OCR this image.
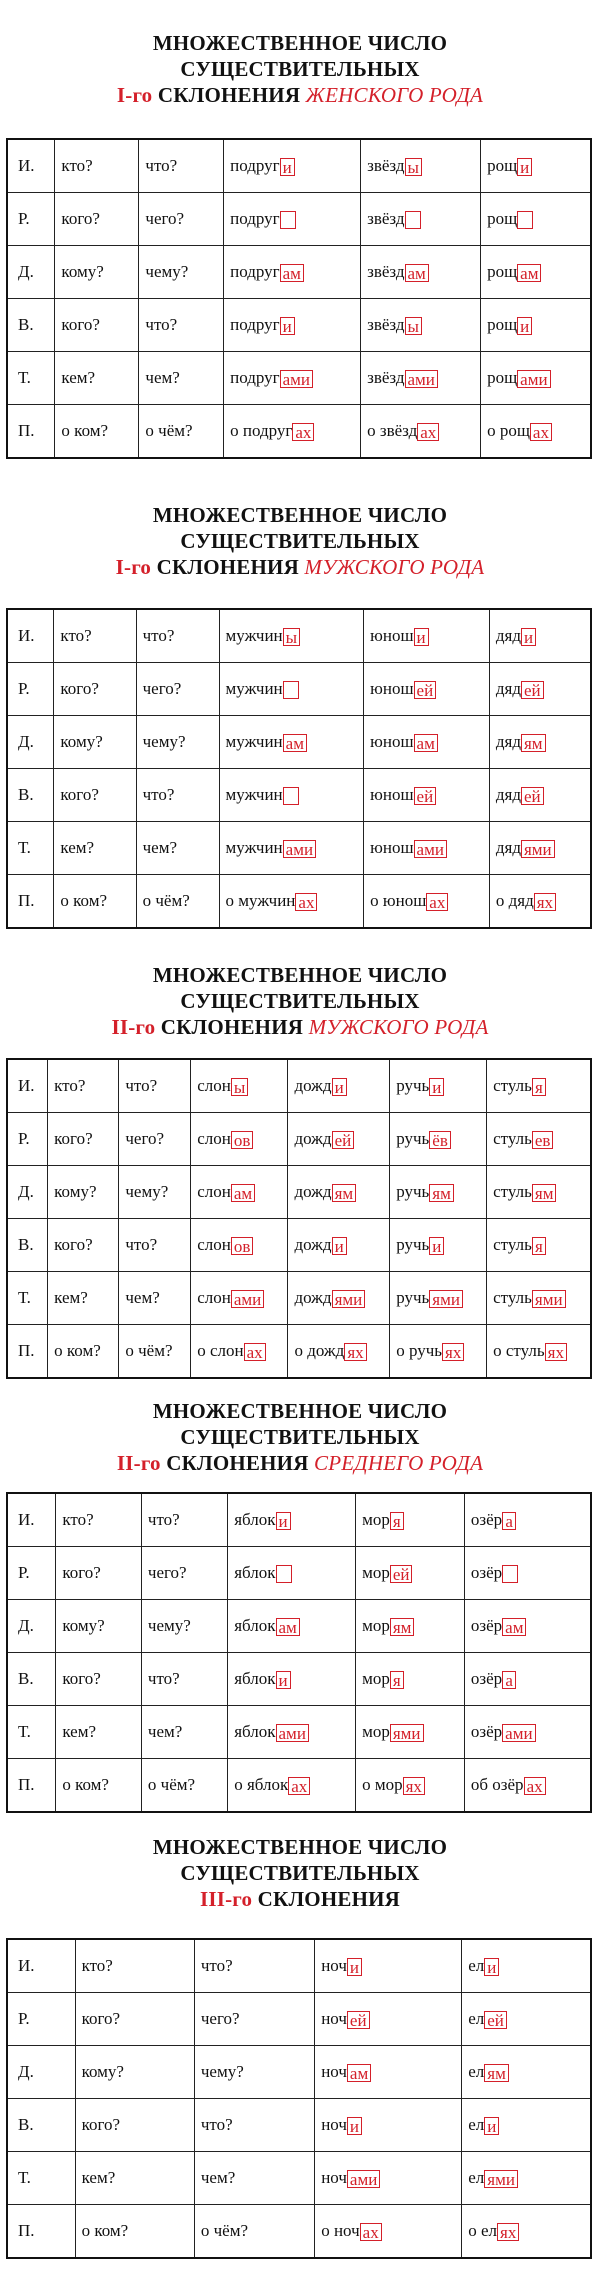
МНОЖЕСТВЕННОЕ ЧИСЛО
СУЩЕСТВИТЕЛЬНЫХ
I-го СКЛОНЕНИЯ ЖЕНСКОГО РОДА
И.	кто?	что?	подруг и	звёзд ы	рощ и
Р.	кого?	чего?	подруг	звёзд	рощ
Д.	кому?	чему?	подруг ам	звёзд ам	рощ ам
В.	кого?	что?	подруг и	звёзд ы	рощ и
Т.	кем?	чем?	подруг ами	звёзд ами	рощ ами
П.	о ком?	о чём?	о подруг ах	о звёзд ах	о рощ ах
МНОЖЕСТВЕННОЕ ЧИСЛО
СУЩЕСТВИТЕЛЬНЫХ
I-го СКЛОНЕНИЯ МУЖСКОГО РОДА
И.	кто?	что?	мужчин ы	юнош и	дяд и
Р.	кого?	чего?	мужчин	юнош ей	дяд ей
Д.	кому?	чему?	мужчин ам	юнош ам	дяд ям
В.	кого?	что?	мужчин	юнош ей	дяд ей
Т.	кем?	чем?	мужчин ами	юнош ами	дяд ями
П.	о ком?	о чём?	о мужчин ах	о юнош ах	о дяд ях
МНОЖЕСТВЕННОЕ ЧИСЛО
СУЩЕСТВИТЕЛЬНЫХ
II-го СКЛОНЕНИЯ МУЖСКОГО РОДА
И.	кто?	что?	слон ы	дожд и	ручь и	стуль я
Р.	кого?	чего?	слон ов	дожд ей	ручь ёв	стуль ев
Д.	кому?	чему?	слон ам	дожд ям	ручь ям	стуль ям
В.	кого?	что?	слон ов	дожд и	ручь и	стуль я
Т.	кем?	чем?	слон ами	дожд ями	ручь ями	стуль ями
П.	о ком?	о чём?	о слон ах	о дожд ях	о ручь ях	о стуль ях
МНОЖЕСТВЕННОЕ ЧИСЛО
СУЩЕСТВИТЕЛЬНЫХ
II-го СКЛОНЕНИЯ СРЕДНЕГО РОДА
И.	кто?	что?	яблок и	мор я	озёр а
Р.	кого?	чего?	яблок	мор ей	озёр
Д.	кому?	чему?	яблок ам	мор ям	озёр ам
В.	кого?	что?	яблок и	мор я	озёр а
Т.	кем?	чем?	яблок ами	мор ями	озёр ами
П.	о ком?	о чём?	о яблок ах	о мор ях	об озёр ах
МНОЖЕСТВЕННОЕ ЧИСЛО
СУЩЕСТВИТЕЛЬНЫХ
III-го СКЛОНЕНИЯ
И.	кто?	что?	ноч и	ел и
Р.	кого?	чего?	ноч ей	ел ей
Д.	кому?	чему?	ноч ам	ел ям
В.	кого?	что?	ноч и	ел и
Т.	кем?	чем?	ноч ами	ел ями
П.	о ком?	о чём?	о ноч ах	о ел ях
